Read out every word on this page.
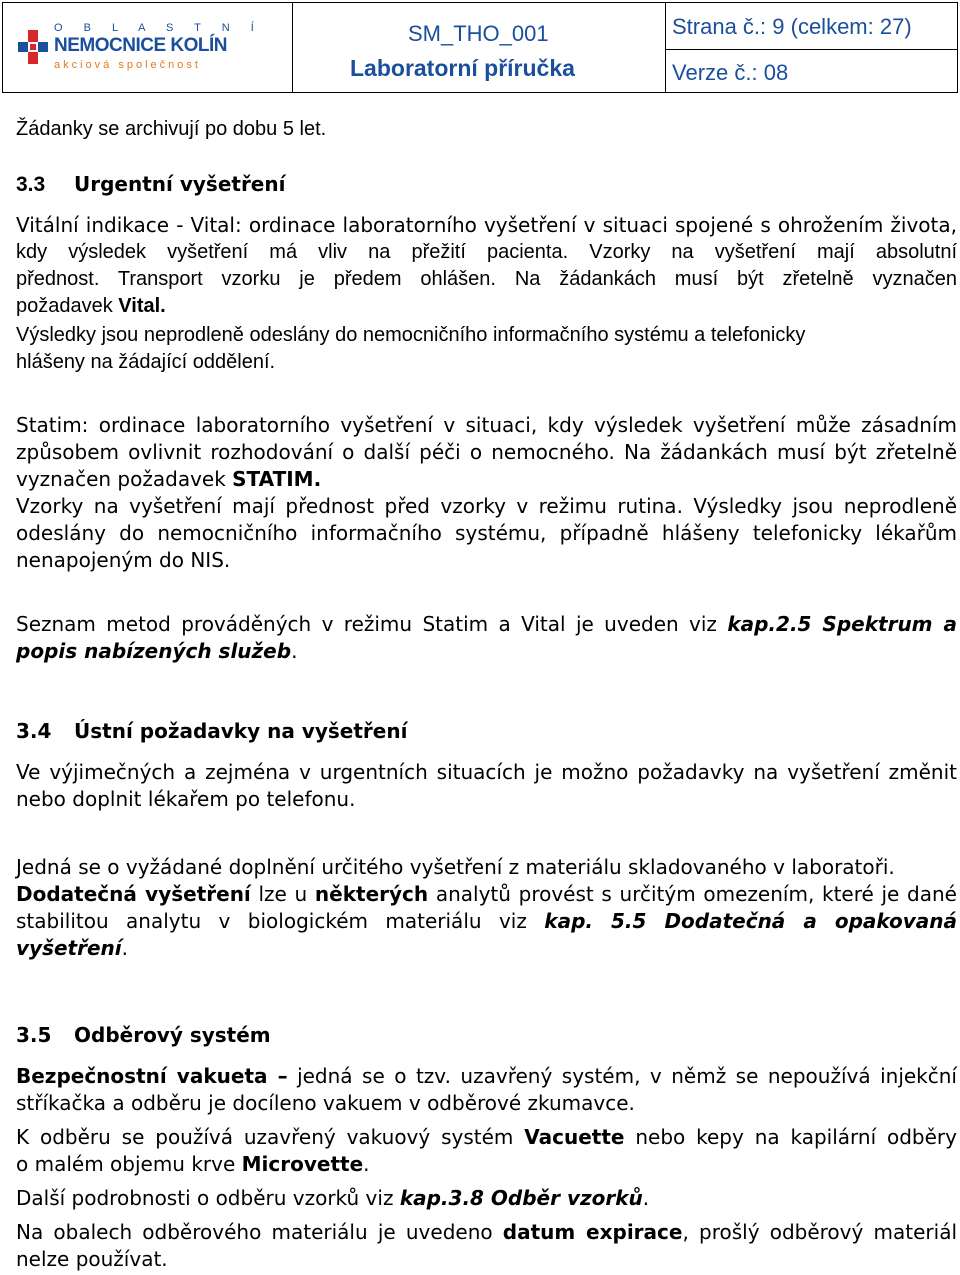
O B L A S T N Í
NEMOCNICE KOLÍN
akciová společnost
SM_THO_001
Laboratorní příručka
Strana č.: 9 (celkem: 27)
Verze č.: 08

Žádanky se archivují po dobu 5 let.

3.3 Urgentní vyšetření
Vitální indikace - Vital: ordinace laboratorního vyšetření v situaci spojené s ohrožením života,
kdy výsledek vyšetření má vliv na přežití pacienta. Vzorky na vyšetření mají absolutní
přednost. Transport vzorku je předem ohlášen. Na žádankách musí být zřetelně vyznačen
požadavek Vital.
Výsledky jsou neprodleně odeslány do nemocničního informačního systému a telefonicky
hlášeny na žádající oddělení.
Statim: ordinace laboratorního vyšetření v situaci, kdy výsledek vyšetření může zásadním
způsobem ovlivnit rozhodování o další péči o nemocného. Na žádankách musí být zřetelně
vyznačen požadavek STATIM.
Vzorky na vyšetření mají přednost před vzorky v režimu rutina. Výsledky jsou neprodleně
odeslány do nemocničního informačního systému, případně hlášeny telefonicky lékařům
nenapojeným do NIS.
Seznam metod prováděných v režimu Statim a Vital je uveden viz kap.2.5 Spektrum a
popis nabízených služeb.
3.4 Ústní požadavky na vyšetření
Ve výjimečných a zejména v urgentních situacích je možno požadavky na vyšetření změnit
nebo doplnit lékařem po telefonu.
Jedná se o vyžádané doplnění určitého vyšetření z materiálu skladovaného v laboratoři.
Dodatečná vyšetření lze u některých analytů provést s určitým omezením, které je dané
stabilitou analytu v biologickém materiálu viz kap. 5.5 Dodatečná a opakovaná
vyšetření.
3.5 Odběrový systém
Bezpečnostní vakueta – jedná se o tzv. uzavřený systém, v němž se nepoužívá injekční
stříkačka a odběru je docíleno vakuem v odběrové zkumavce.
K odběru se používá uzavřený vakuový systém Vacuette nebo kepy na kapilární odběry
o malém objemu krve Microvette.
Další podrobnosti o odběru vzorků viz kap.3.8 Odběr vzorků.
Na obalech odběrového materiálu je uvedeno datum expirace, prošlý odběrový materiál
nelze používat.
